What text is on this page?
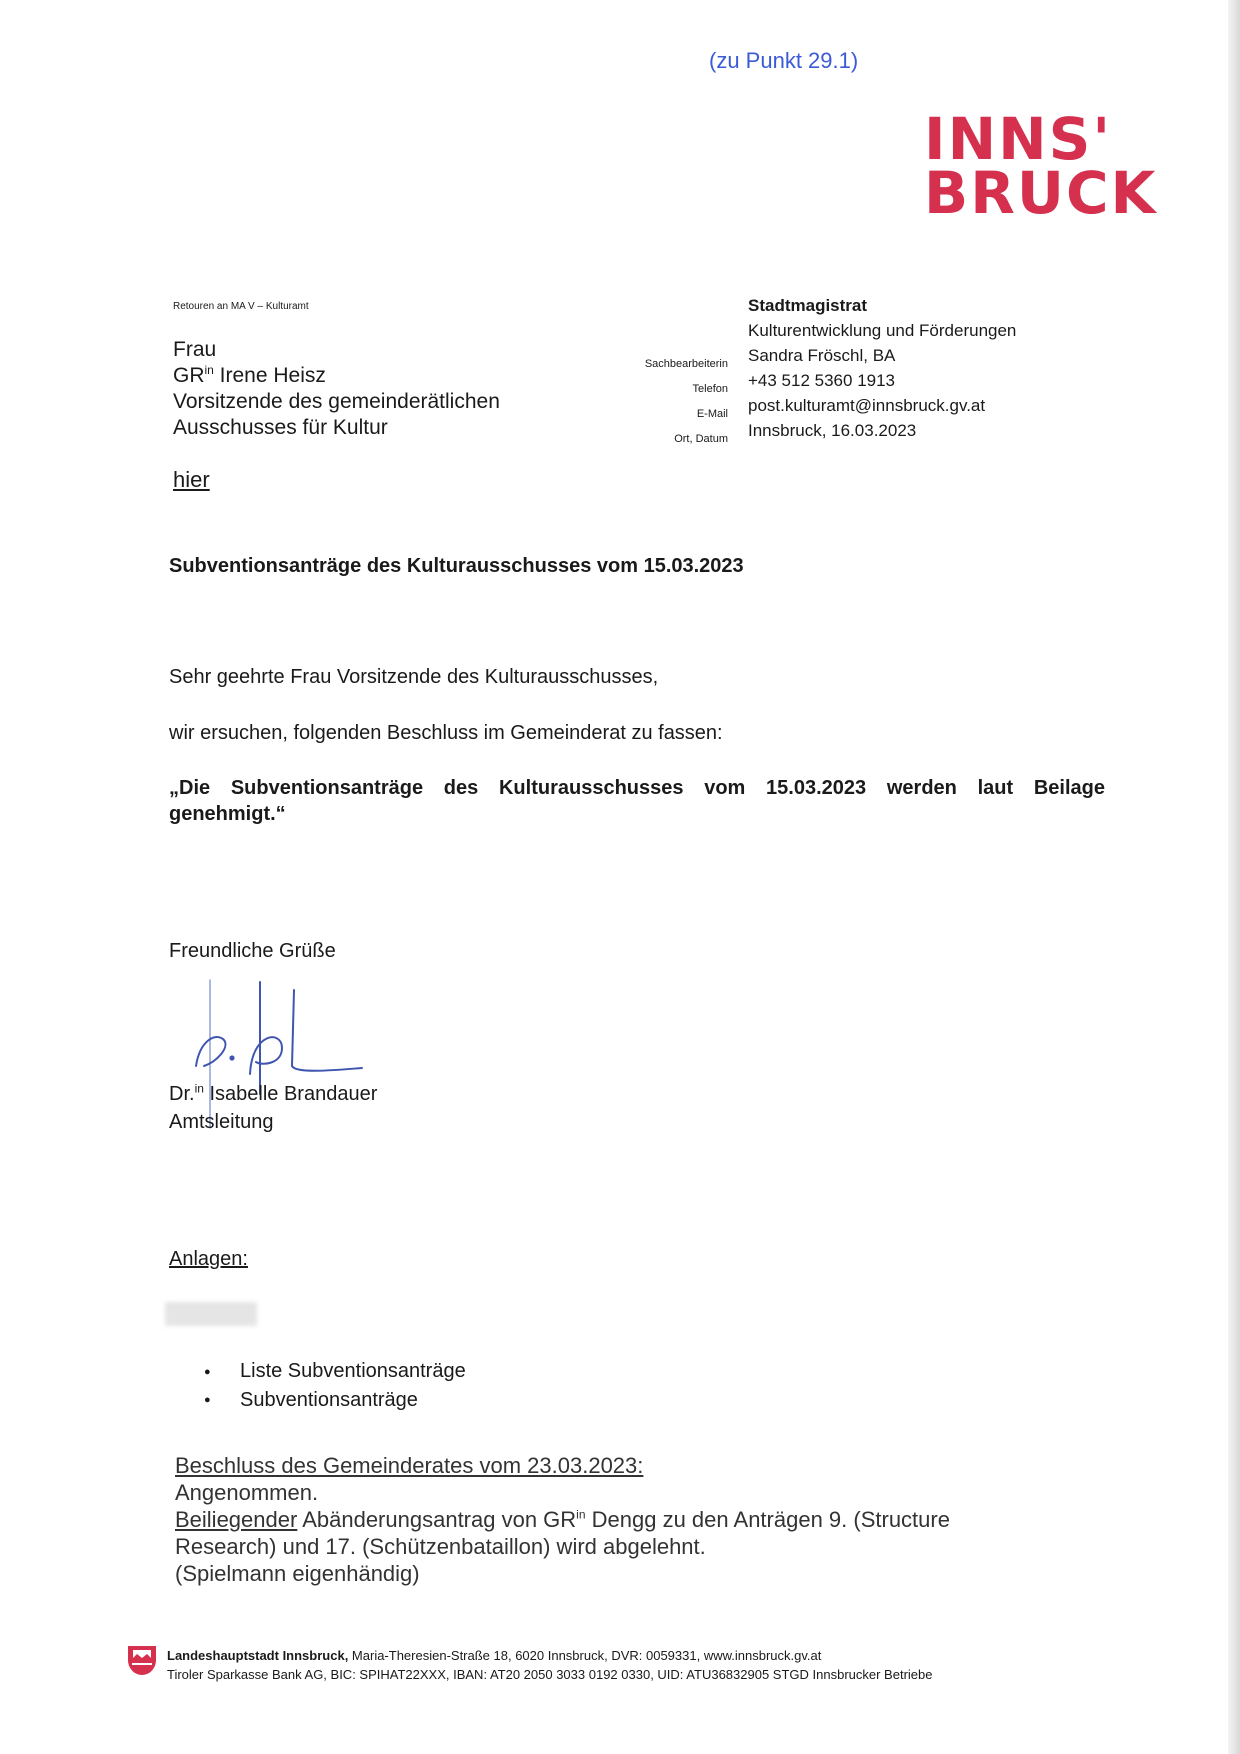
(zu Punkt 29.1)
INNS'
BRUCK
Retouren an MA V – Kulturamt
Frau
$GR^{in}$ Irene Heisz
Vorsitzende des gemeinderätlichen
Ausschusses für Kultur
hier
Sachbearbeiterin
Telefon
E-Mail
Ort, Datum
Stadtmagistrat
Kulturentwicklung und Förderungen
Sandra Fröschl, BA
+43 512 5360 1913
post.kulturamt@innsbruck.gv.at
Innsbruck, 16.03.2023
Subventionsanträge des Kulturausschusses vom 15.03.2023
Sehr geehrte Frau Vorsitzende des Kulturausschusses,
wir ersuchen, folgenden Beschluss im Gemeinderat zu fassen:
„Die Subventionsanträge des Kulturausschusses vom 15.03.2023 werden laut Beilage
genehmigt.“
Freundliche Grüße
Dr.$^{in}$ Isabelle Brandauer
Amtsleitung
Anlagen:
● Liste Subventionsanträge
● Subventionsanträge
Beschluss des Gemeinderates vom 23.03.2023:
Angenommen.
Beiliegender Abänderungsantrag von $GR^{in}$ Dengg zu den Anträgen 9. (Structure
Research) und 17. (Schützenbataillon) wird abgelehnt.
(Spielmann eigenhändig)
Landeshauptstadt Innsbruck, Maria-Theresien-Straße 18, 6020 Innsbruck, DVR: 0059331, www.innsbruck.gv.at
Tiroler Sparkasse Bank AG, BIC: SPIHAT22XXX, IBAN: AT20 2050 3033 0192 0330, UID: ATU36832905 STGD Innsbrucker Betriebe
